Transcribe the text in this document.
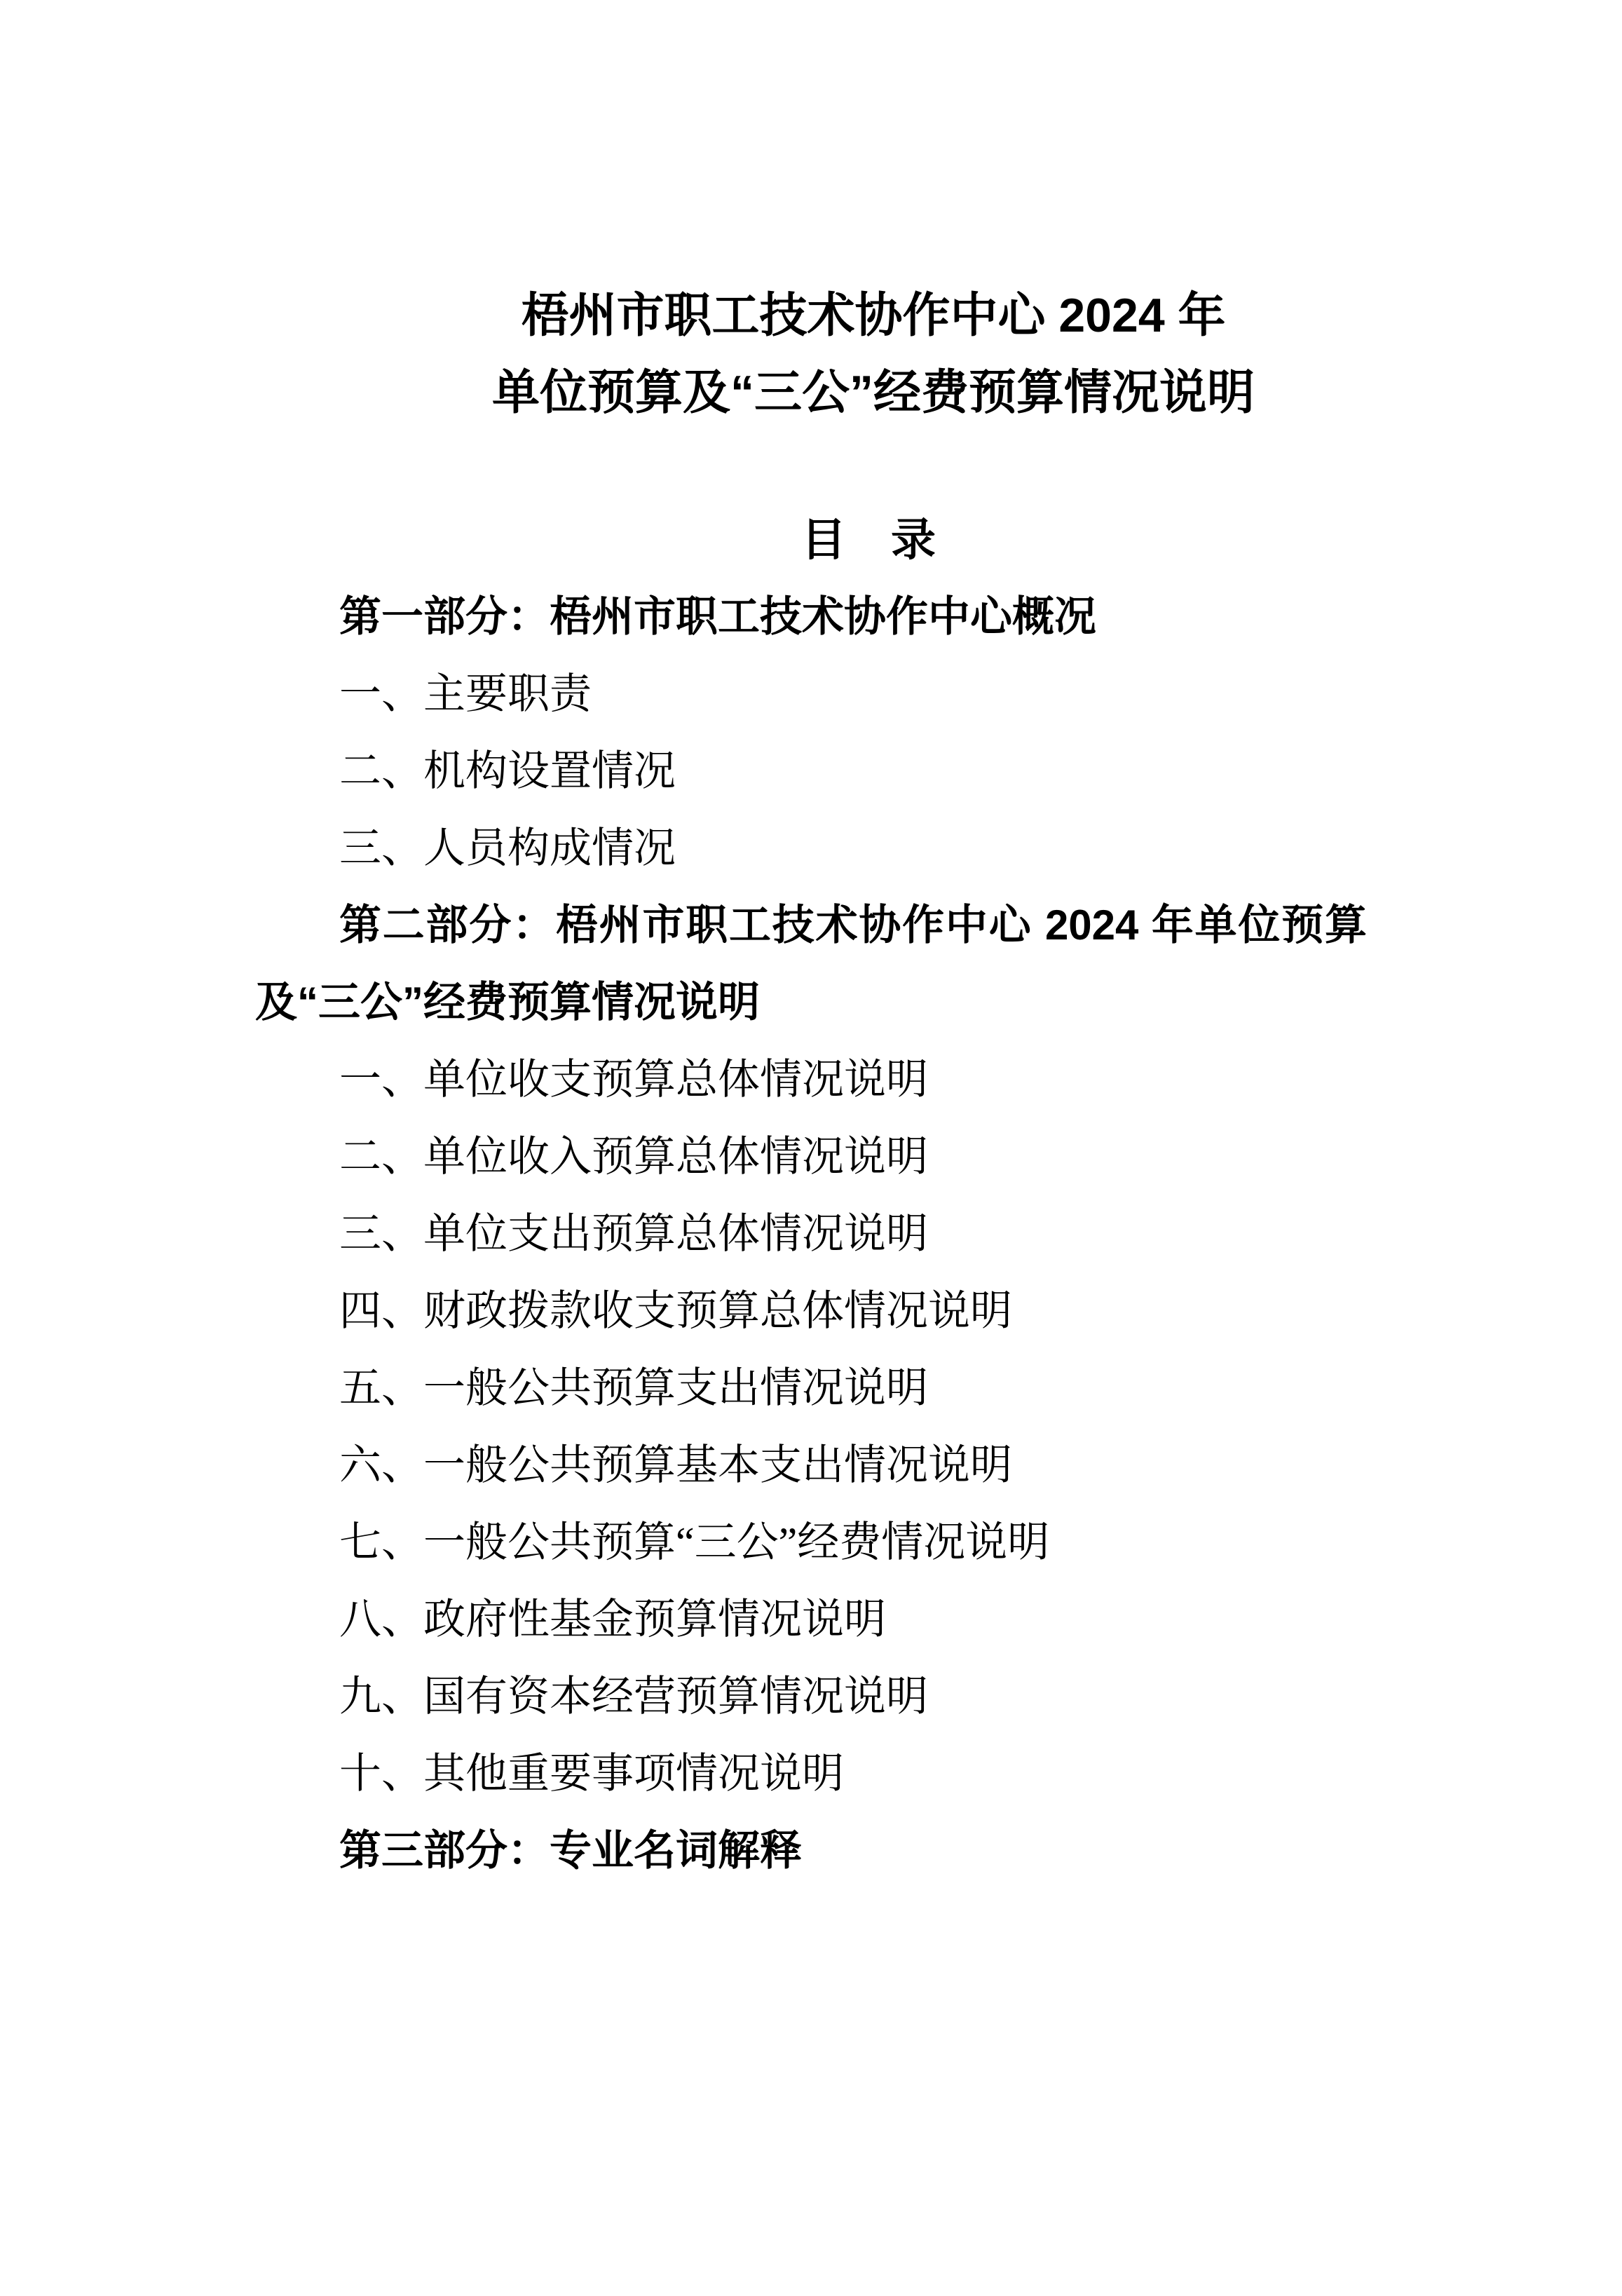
梧州市职工技术协作中心 2024 年
单位预算及“三公”经费预算情况说明
目　录
第一部分：梧州市职工技术协作中心概况
一、主要职责
二、机构设置情况
三、人员构成情况
第二部分：梧州市职工技术协作中心 2024 年单位预算
及“三公”经费预算情况说明
一、单位收支预算总体情况说明
二、单位收入预算总体情况说明
三、单位支出预算总体情况说明
四、财政拨款收支预算总体情况说明
五、一般公共预算支出情况说明
六、一般公共预算基本支出情况说明
七、一般公共预算“三公”经费情况说明
八、政府性基金预算情况说明
九、国有资本经营预算情况说明
十、其他重要事项情况说明
第三部分：专业名词解释
